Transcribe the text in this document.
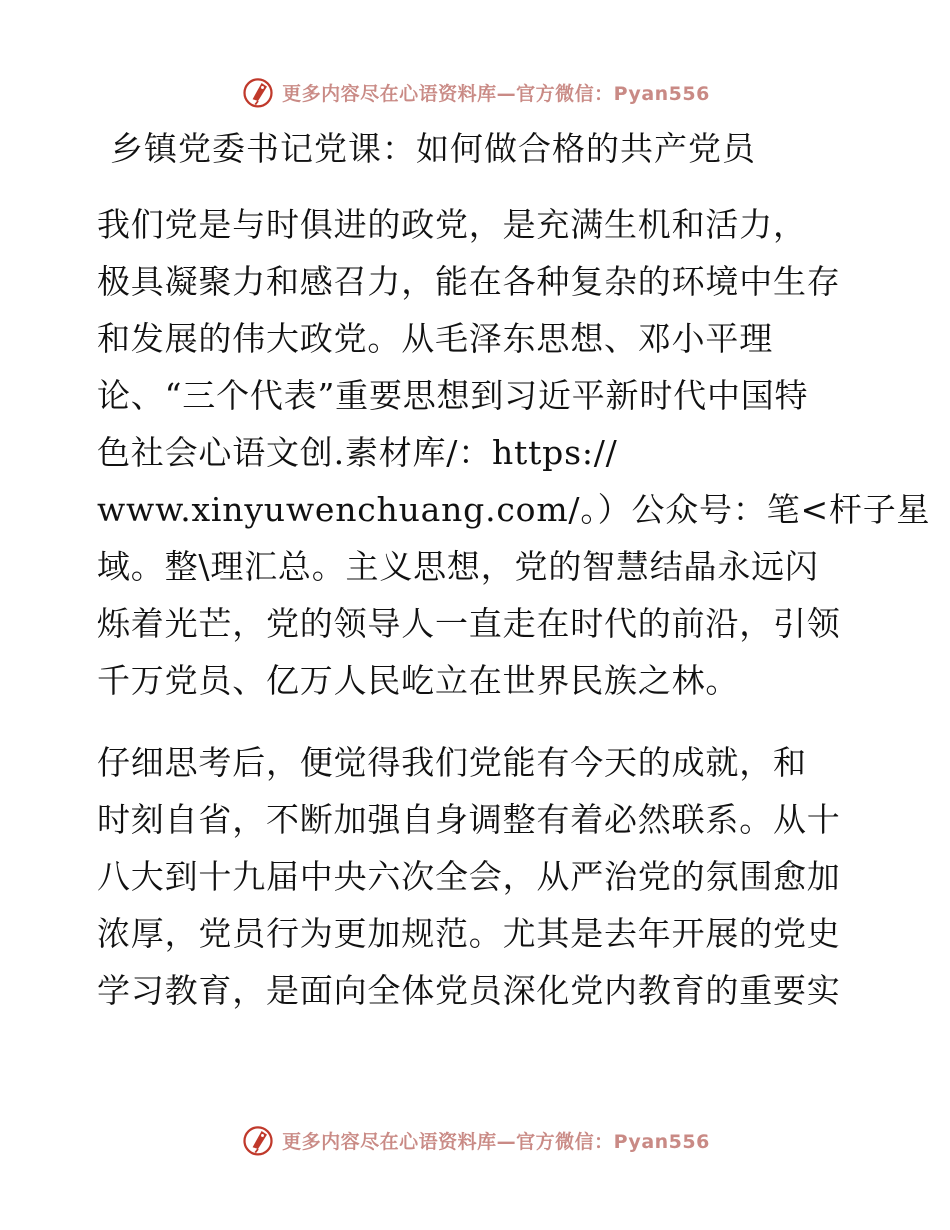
更多内容尽在心语资料库—官方微信：Pyan556
乡镇党委书记党课：如何做合格的共产党员
我们党是与时俱进的政党，是充满生机和活力，
极具凝聚力和感召力，能在各种复杂的环境中生存
和发展的伟大政党。从毛泽东思想、邓小平理
论、“三个代表”重要思想到习近平新时代中国特
色社会心语文创.素材库/：https://
www.xinyuwenchuang.com/。）公众号：笔<杆子星
域。整\理汇总。主义思想，党的智慧结晶永远闪
烁着光芒，党的领导人一直走在时代的前沿，引领
千万党员、亿万人民屹立在世界民族之林。
仔细思考后，便觉得我们党能有今天的成就，和
时刻自省，不断加强自身调整有着必然联系。从十
八大到十九届中央六次全会，从严治党的氛围愈加
浓厚，党员行为更加规范。尤其是去年开展的党史
学习教育，是面向全体党员深化党内教育的重要实
更多内容尽在心语资料库—官方微信：Pyan556
